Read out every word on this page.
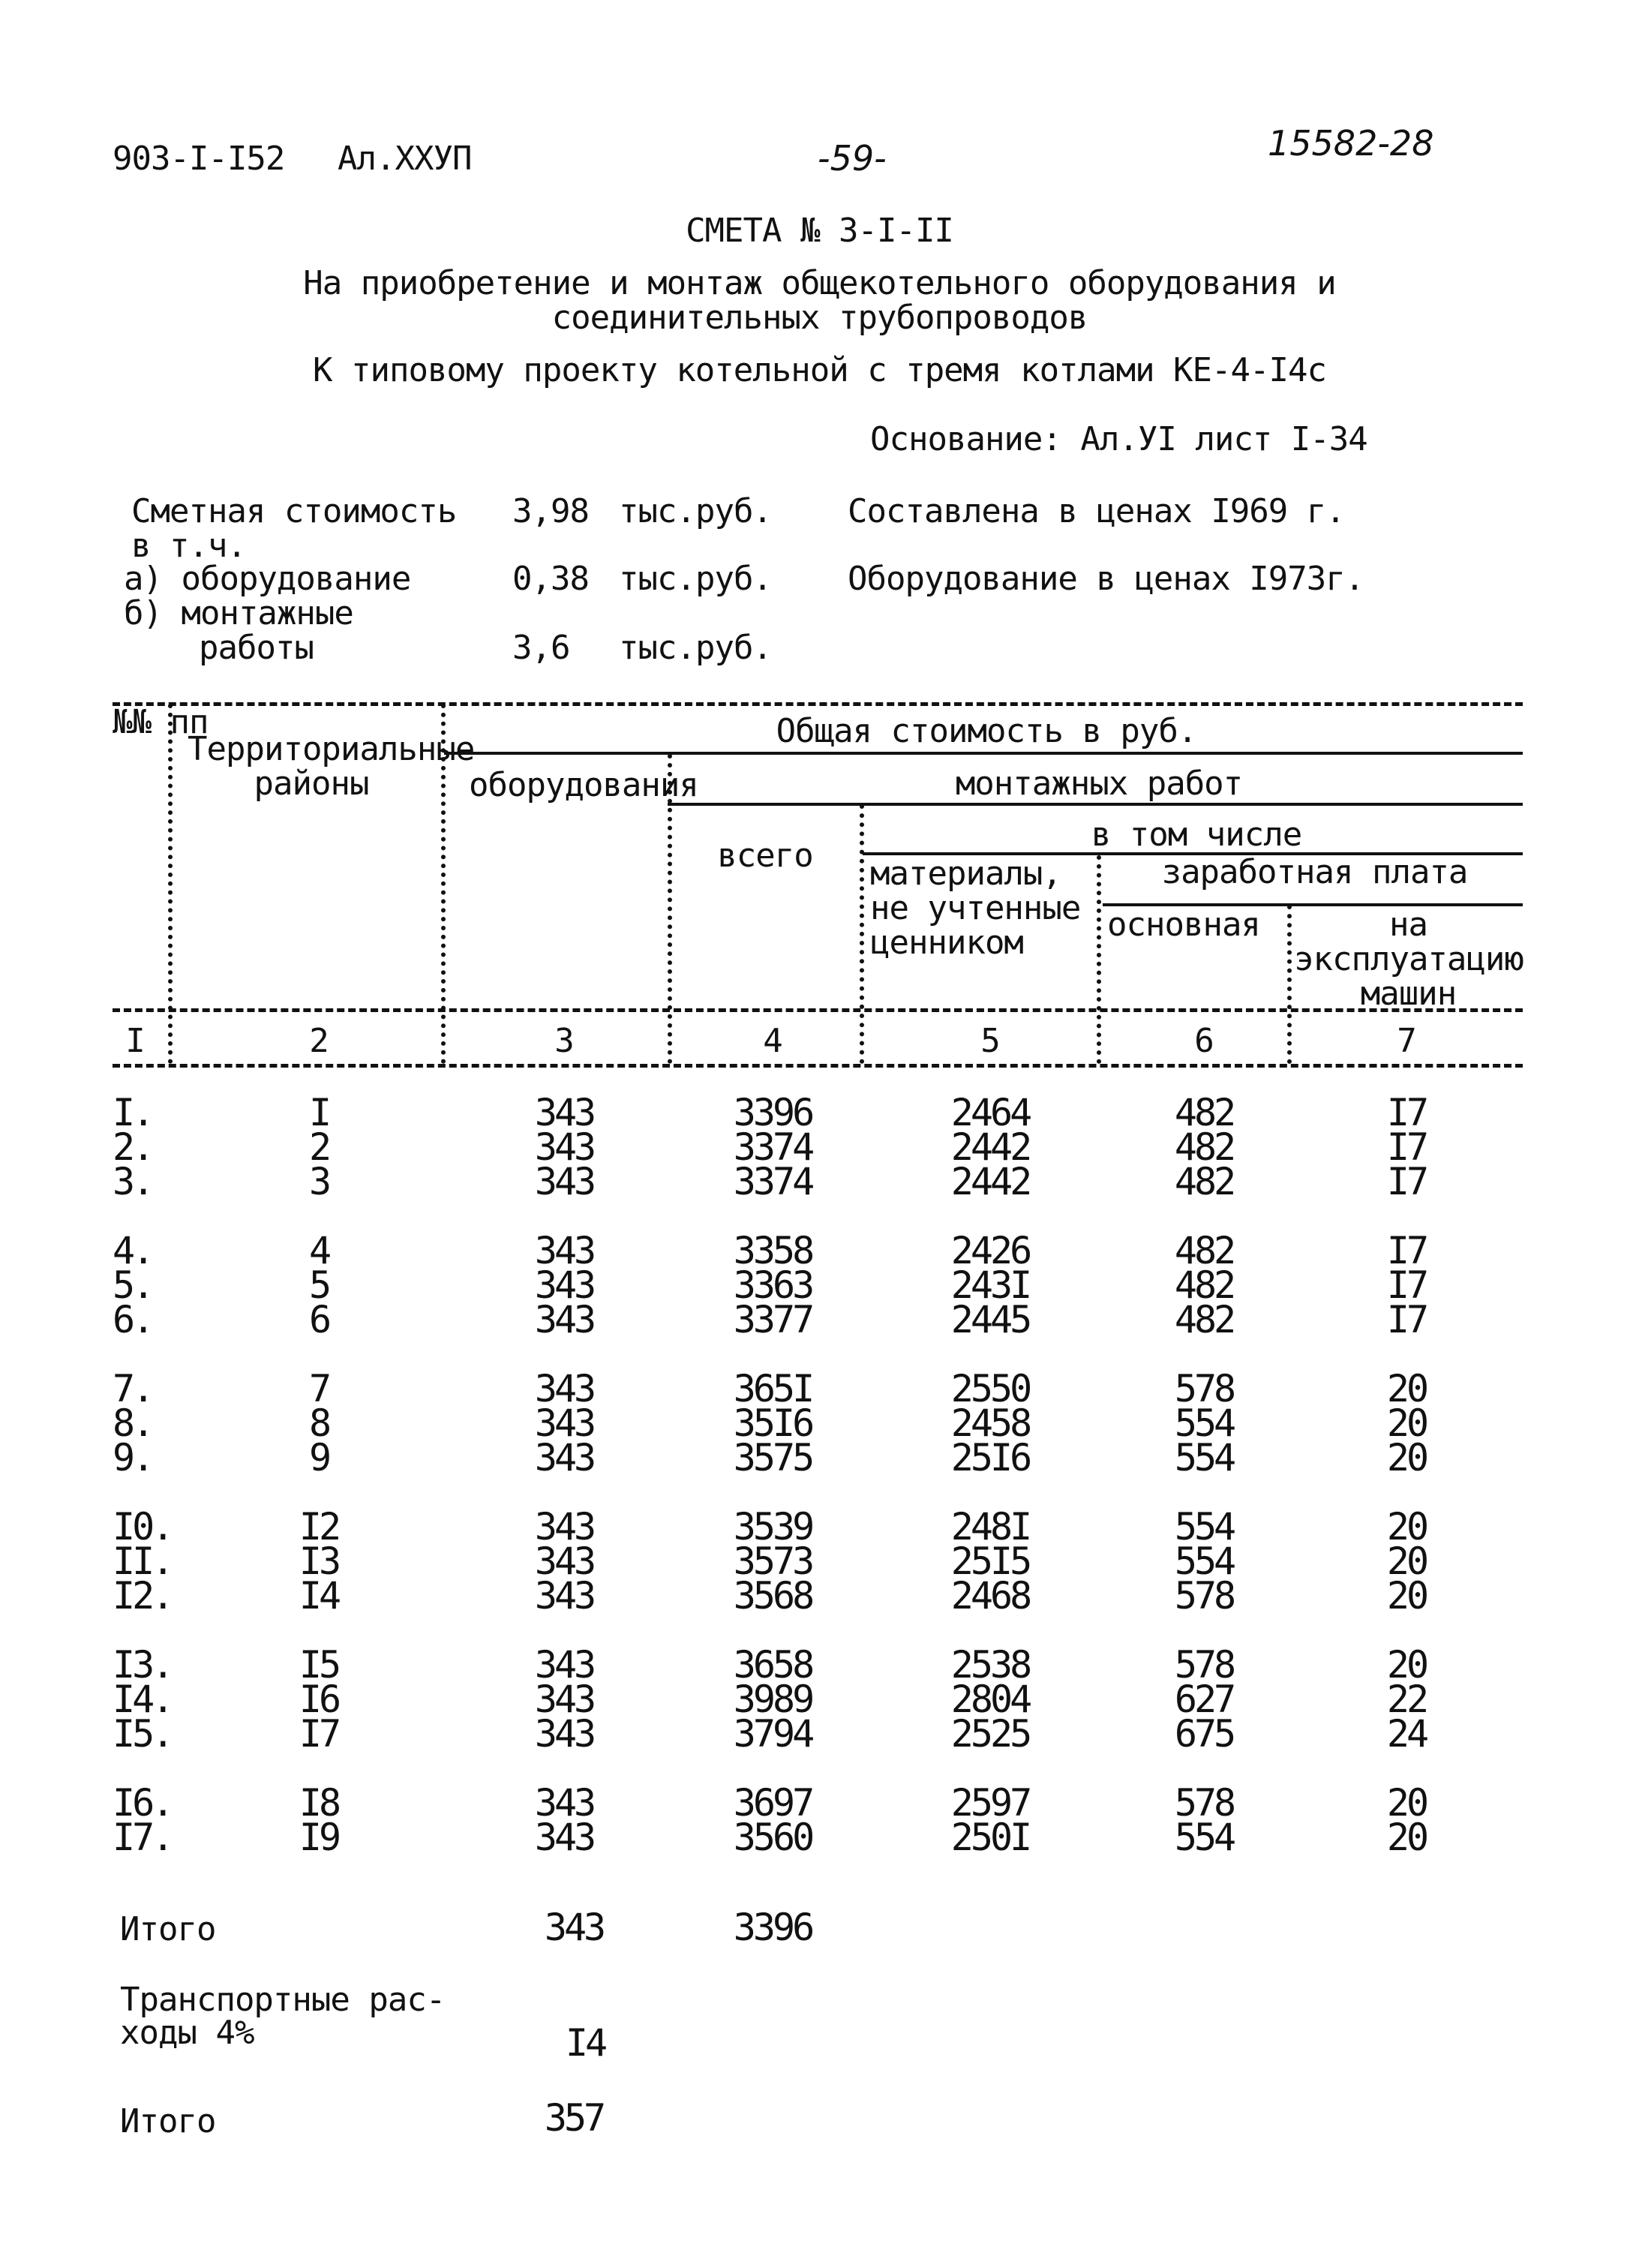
903-I-I52 Ал.ХХУП	-59-	15582-28
СМЕТА № 3-I-II
На приобретение и монтаж общекотельного оборудования и
соединительных трубопроводов
К типовому проекту котельной с тремя котлами КЕ-4-I4с
Основание: Ал.УI лист I-34
Сметная стоимость 3,98 тыс.руб. Составлена в ценах I969 г.
в т.ч.
а) оборудование	0,38 тыс.руб. Оборудование в ценах I973г.
б) монтажные
работы	3,6 тыс.руб.
№№ пп
Территориальные районы
Общая стоимость в руб.
оборудования	монтажных работ
всего
в том числе
материалы, не учтенные ценником
заработная плата
основная	на эксплуатацию машин
I	2	3	4	5	6	7
I.	I	343	3396	2464	482	I7
2.	2	343	3374	2442	482	I7
3.	3	343	3374	2442	482	I7
4.	4	343	3358	2426	482	I7
5.	5	343	3363	243I	482	I7
6.	6	343	3377	2445	482	I7
7.	7	343	365I	2550	578	20
8.	8	343	35I6	2458	554	20
9.	9	343	3575	25I6	554	20
I0.	I2	343	3539	248I	554	20
II.	I3	343	3573	25I5	554	20
I2.	I4	343	3568	2468	578	20
I3.	I5	343	3658	2538	578	20
I4.	I6	343	3989	2804	627	22
I5.	I7	343	3794	2525	675	24
I6.	I8	343	3697	2597	578	20
I7.	I9	343	3560	250I	554	20
Итого	343	3396
Транспортные рас-
ходы 4%	I4
Итого	357
